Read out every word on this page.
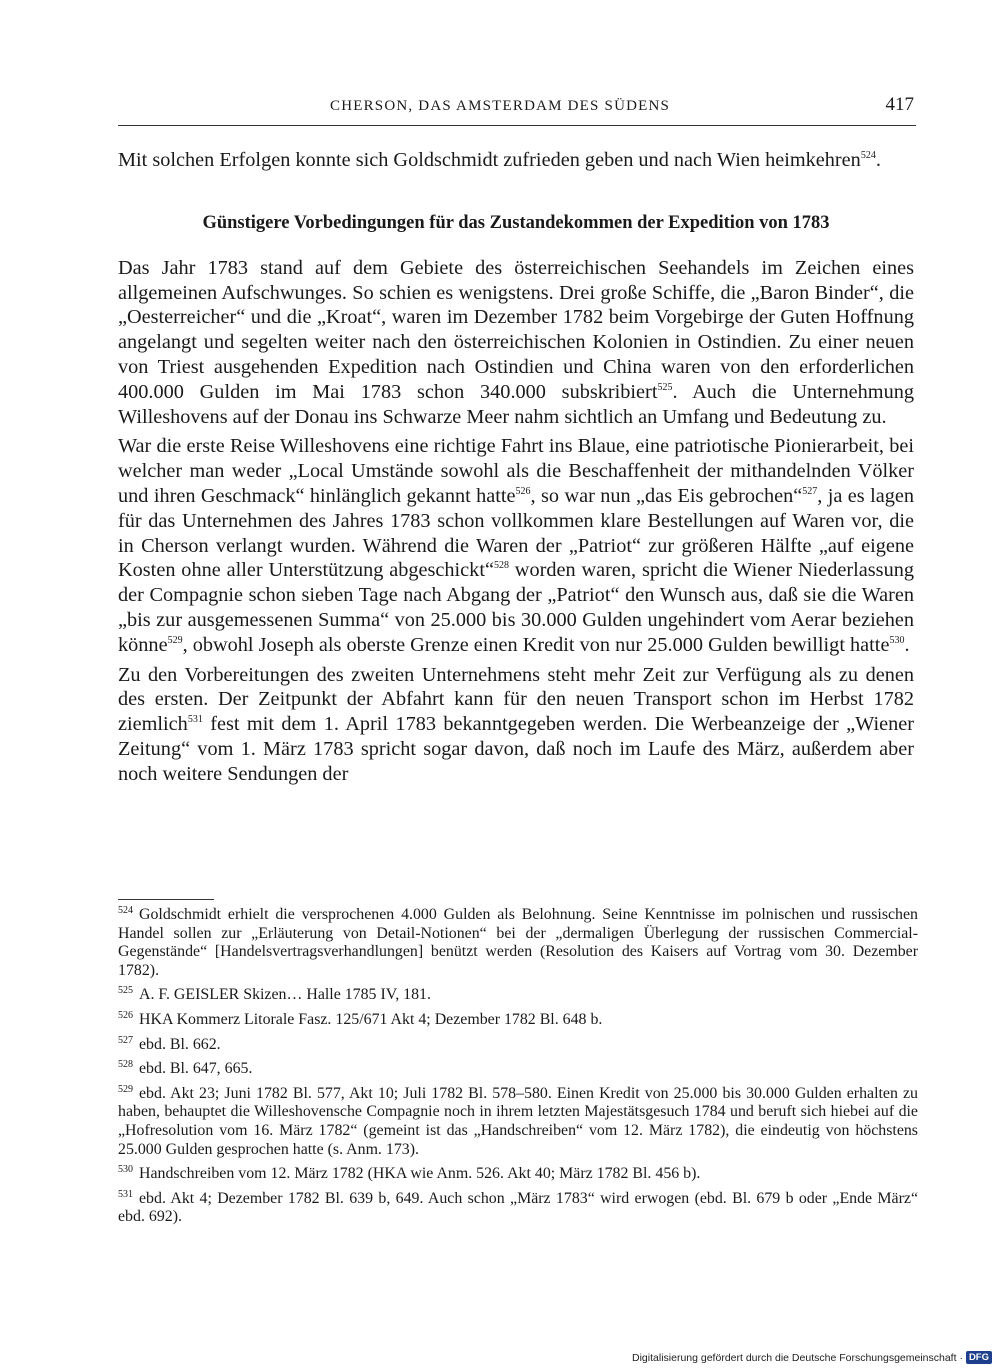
CHERSON, DAS AMSTERDAM DES SÜDENS	417

Mit solchen Erfolgen konnte sich Goldschmidt zufrieden geben und nach Wien heimkehren$^{524}$.

Günstigere Vorbedingungen für das Zustandekommen der Expedition von 1783

Das Jahr 1783 stand auf dem Gebiete des österreichischen Seehandels im Zeichen eines allgemeinen Aufschwunges. So schien es wenigstens. Drei große Schiffe, die „Baron Binder“, die „Oesterreicher“ und die „Kroat“, waren im Dezember 1782 beim Vorgebirge der Guten Hoffnung angelangt und segelten weiter nach den österreichischen Kolonien in Ostindien. Zu einer neuen von Triest ausgehenden Expedition nach Ostindien und China waren von den erforderlichen 400.000 Gulden im Mai 1783 schon 340.000 subskribiert$^{525}$. Auch die Unternehmung Willeshovens auf der Donau ins Schwarze Meer nahm sichtlich an Umfang und Bedeutung zu.

War die erste Reise Willeshovens eine richtige Fahrt ins Blaue, eine patriotische Pionierarbeit, bei welcher man weder „Local Umstände sowohl als die Beschaffenheit der mithandelnden Völker und ihren Geschmack“ hinlänglich gekannt hatte$^{526}$, so war nun „das Eis gebrochen“$^{527}$, ja es lagen für das Unternehmen des Jahres 1783 schon vollkommen klare Bestellungen auf Waren vor, die in Cherson verlangt wurden. Während die Waren der „Patriot“ zur größeren Hälfte „auf eigene Kosten ohne aller Unterstützung abgeschickt“$^{528}$ worden waren, spricht die Wiener Niederlassung der Compagnie schon sieben Tage nach Abgang der „Patriot“ den Wunsch aus, daß sie die Waren „bis zur ausgemessenen Summa“ von 25.000 bis 30.000 Gulden ungehindert vom Aerar beziehen könne$^{529}$, obwohl Joseph als oberste Grenze einen Kredit von nur 25.000 Gulden bewilligt hatte$^{530}$.

Zu den Vorbereitungen des zweiten Unternehmens steht mehr Zeit zur Verfügung als zu denen des ersten. Der Zeitpunkt der Abfahrt kann für den neuen Transport schon im Herbst 1782 ziemlich$^{531}$ fest mit dem 1. April 1783 bekanntgegeben werden. Die Werbeanzeige der „Wiener Zeitung“ vom 1. März 1783 spricht sogar davon, daß noch im Laufe des März, außerdem aber noch weitere Sendungen der

$^{524}$ Goldschmidt erhielt die versprochenen 4.000 Gulden als Belohnung. Seine Kenntnisse im polnischen und russischen Handel sollen zur „Erläuterung von Detail-Notionen“ bei der „dermaligen Überlegung der russischen Commercial-Gegenstände“ [Handelsvertragsverhandlungen] benützt werden (Resolution des Kaisers auf Vortrag vom 30. Dezember 1782).

$^{525}$ A. F. GEISLER Skizen… Halle 1785 IV, 181.

$^{526}$ HKA Kommerz Litorale Fasz. 125/671 Akt 4; Dezember 1782 Bl. 648 b.

$^{527}$ ebd. Bl. 662.

$^{528}$ ebd. Bl. 647, 665.

$^{529}$ ebd. Akt 23; Juni 1782 Bl. 577, Akt 10; Juli 1782 Bl. 578–580. Einen Kredit von 25.000 bis 30.000 Gulden erhalten zu haben, behauptet die Willeshovensche Compagnie noch in ihrem letzten Majestätsgesuch 1784 und beruft sich hiebei auf die „Hofresolution vom 16. März 1782“ (gemeint ist das „Handschreiben“ vom 12. März 1782), die eindeutig von höchstens 25.000 Gulden gesprochen hatte (s. Anm. 173).

$^{530}$ Handschreiben vom 12. März 1782 (HKA wie Anm. 526. Akt 40; März 1782 Bl. 456 b).

$^{531}$ ebd. Akt 4; Dezember 1782 Bl. 639 b, 649. Auch schon „März 1783“ wird erwogen (ebd. Bl. 679 b oder „Ende März“ ebd. 692).

Digitalisierung gefördert durch die Deutsche Forschungsgemeinschaft · DFG
